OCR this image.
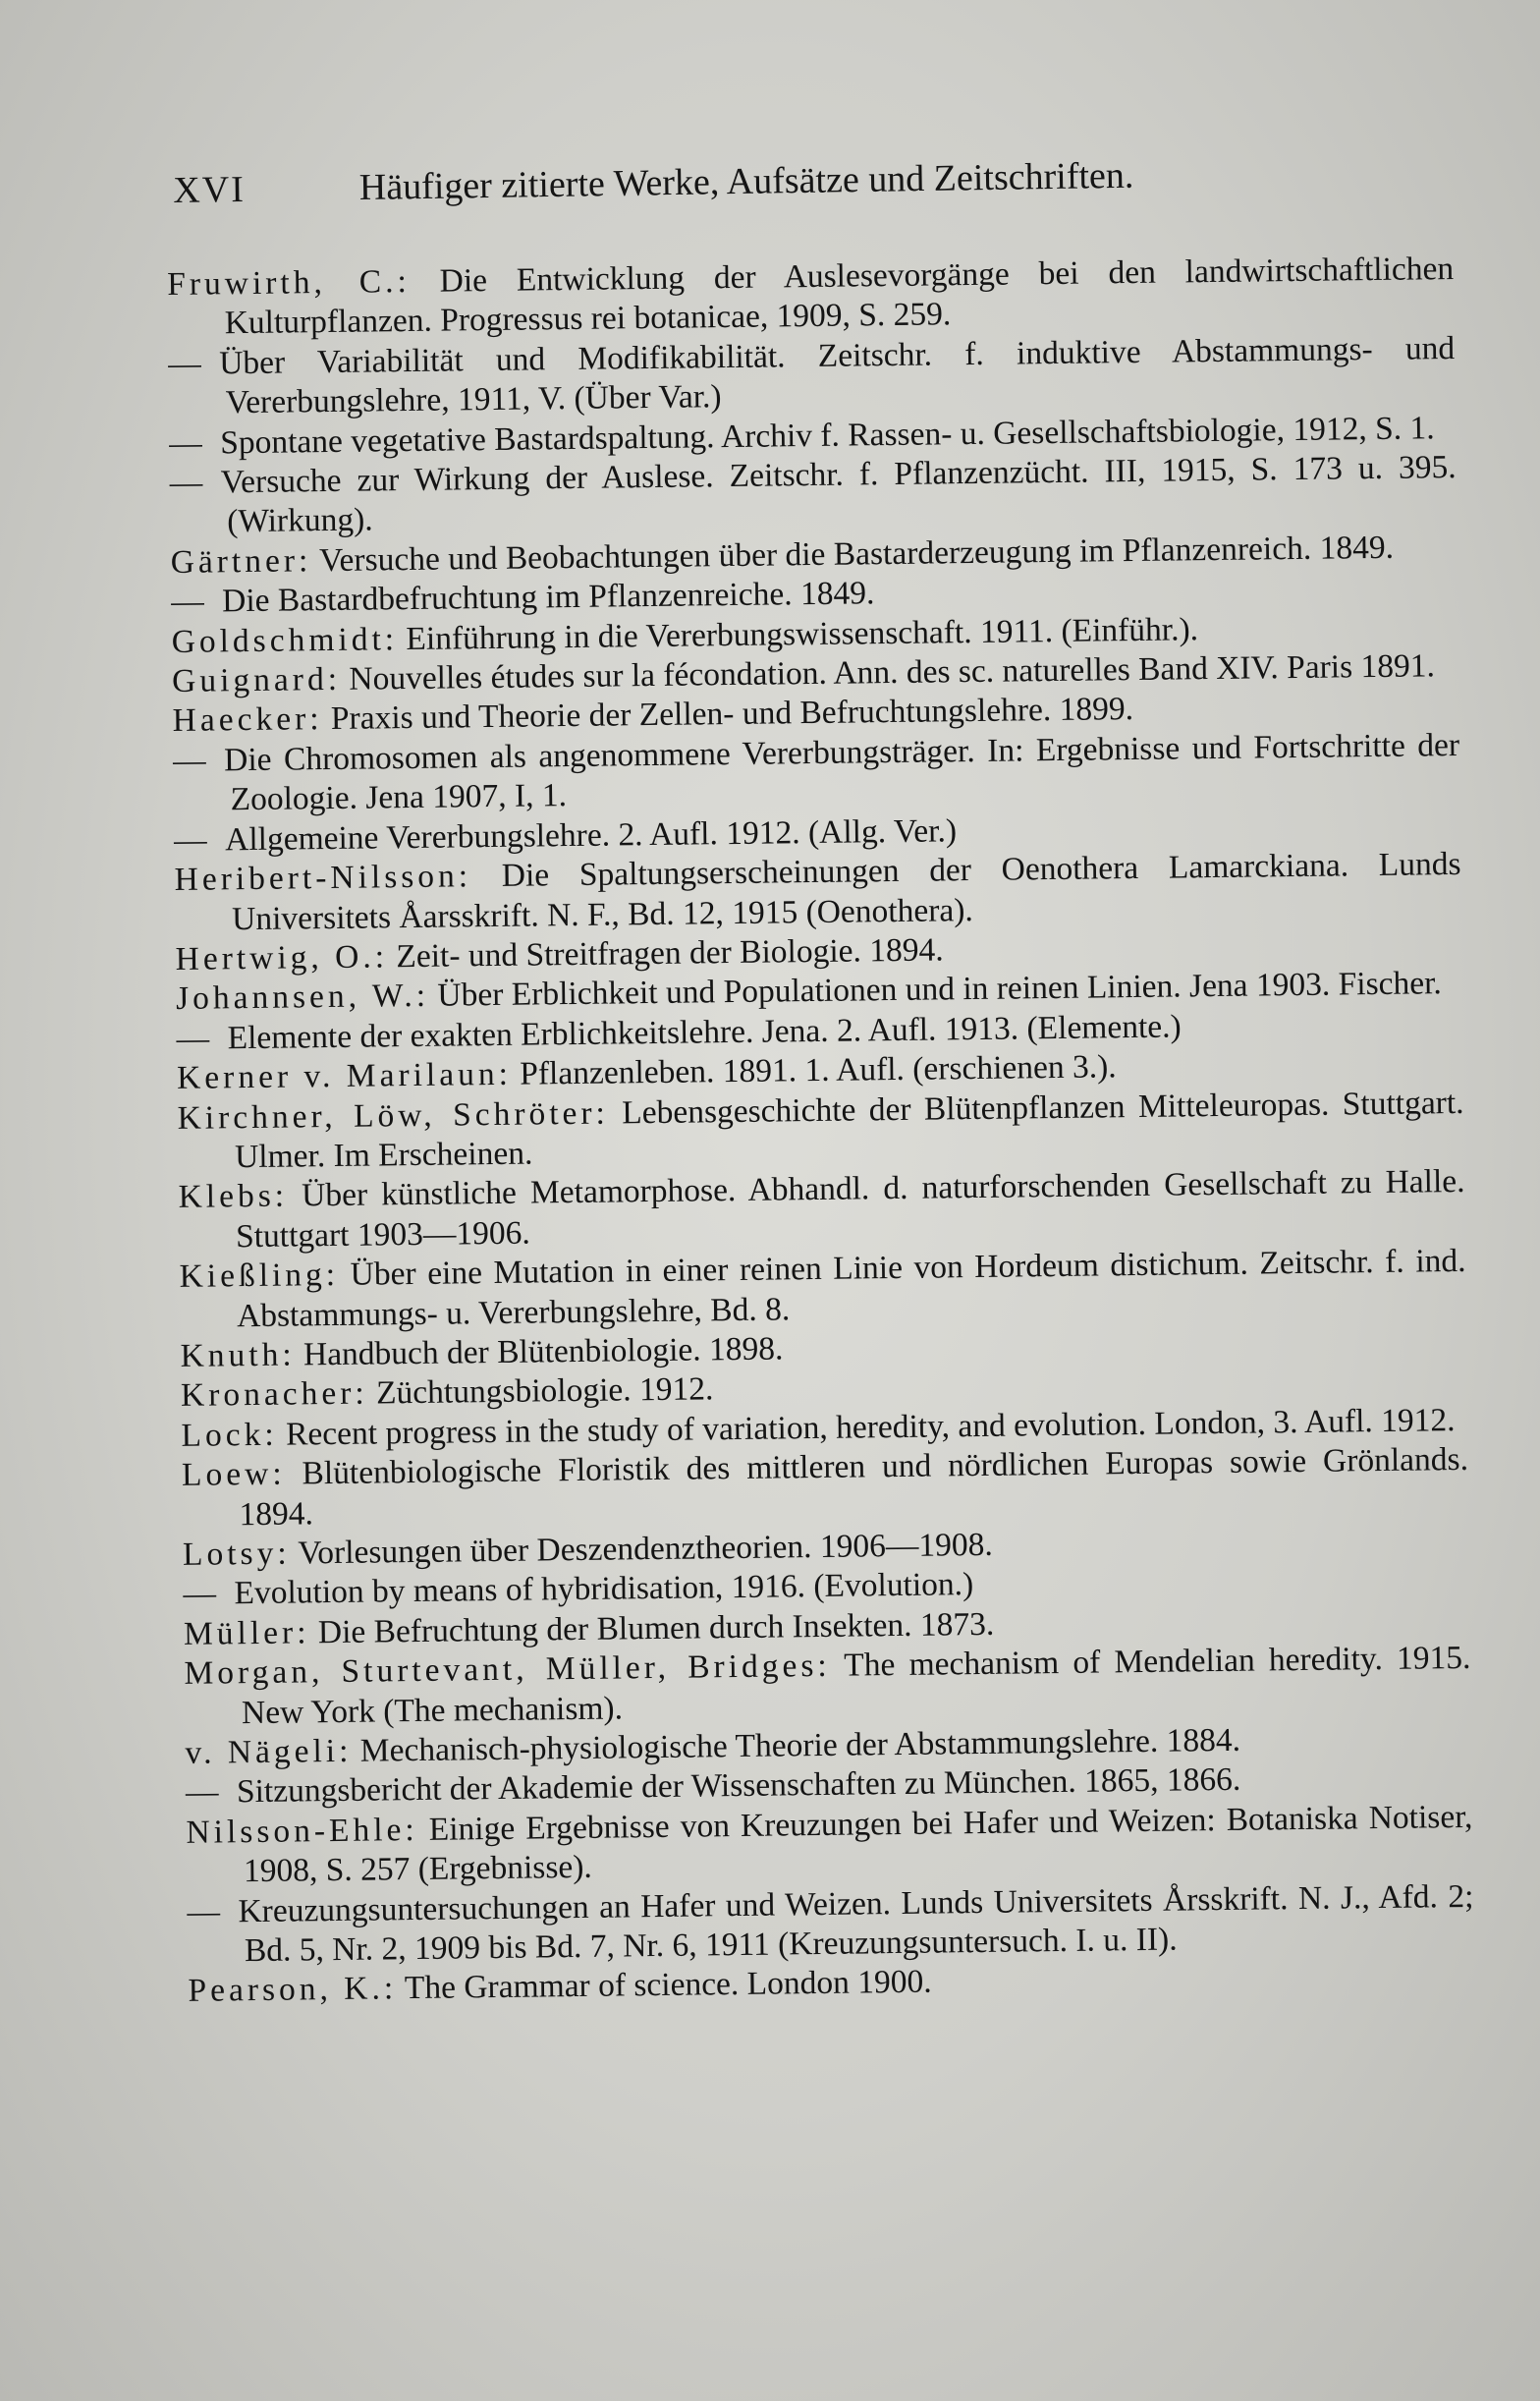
XVI	Häufiger zitierte Werke, Aufsätze und Zeitschriften.

Fruwirth, C.: Die Entwicklung der Auslesevorgänge bei den landwirtschaftlichen Kulturpflanzen. Progressus rei botanicae, 1909, S. 259.

— Über Variabilität und Modifikabilität. Zeitschr. f. induktive Abstammungs- und Vererbungslehre, 1911, V. (Über Var.)

— Spontane vegetative Bastardspaltung. Archiv f. Rassen- u. Gesellschaftsbiologie, 1912, S. 1.

— Versuche zur Wirkung der Auslese. Zeitschr. f. Pflanzenzücht. III, 1915, S. 173 u. 395. (Wirkung).

Gärtner: Versuche und Beobachtungen über die Bastarderzeugung im Pflanzenreich. 1849.

— Die Bastardbefruchtung im Pflanzenreiche. 1849.

Goldschmidt: Einführung in die Vererbungswissenschaft. 1911. (Einführ.).

Guignard: Nouvelles études sur la fécondation. Ann. des sc. naturelles Band XIV. Paris 1891.

Haecker: Praxis und Theorie der Zellen- und Befruchtungslehre. 1899.

— Die Chromosomen als angenommene Vererbungsträger. In: Ergebnisse und Fortschritte der Zoologie. Jena 1907, I, 1.

— Allgemeine Vererbungslehre. 2. Aufl. 1912. (Allg. Ver.)

Heribert-Nilsson: Die Spaltungserscheinungen der Oenothera Lamarckiana. Lunds Universitets Åarsskrift. N. F., Bd. 12, 1915 (Oenothera).

Hertwig, O.: Zeit- und Streitfragen der Biologie. 1894.

Johannsen, W.: Über Erblichkeit und Populationen und in reinen Linien. Jena 1903. Fischer.

— Elemente der exakten Erblichkeitslehre. Jena. 2. Aufl. 1913. (Elemente.)

Kerner v. Marilaun: Pflanzenleben. 1891. 1. Aufl. (erschienen 3.).

Kirchner, Löw, Schröter: Lebensgeschichte der Blütenpflanzen Mitteleuropas. Stuttgart. Ulmer. Im Erscheinen.

Klebs: Über künstliche Metamorphose. Abhandl. d. naturforschenden Gesellschaft zu Halle. Stuttgart 1903—1906.

Kießling: Über eine Mutation in einer reinen Linie von Hordeum distichum. Zeitschr. f. ind. Abstammungs- u. Vererbungslehre, Bd. 8.

Knuth: Handbuch der Blütenbiologie. 1898.

Kronacher: Züchtungsbiologie. 1912.

Lock: Recent progress in the study of variation, heredity, and evolution. London, 3. Aufl. 1912.

Loew: Blütenbiologische Floristik des mittleren und nördlichen Europas sowie Grönlands. 1894.

Lotsy: Vorlesungen über Deszendenztheorien. 1906—1908.

— Evolution by means of hybridisation, 1916. (Evolution.)

Müller: Die Befruchtung der Blumen durch Insekten. 1873.

Morgan, Sturtevant, Müller, Bridges: The mechanism of Mendelian heredity. 1915. New York (The mechanism).

v. Nägeli: Mechanisch-physiologische Theorie der Abstammungslehre. 1884.

— Sitzungsbericht der Akademie der Wissenschaften zu München. 1865, 1866.

Nilsson-Ehle: Einige Ergebnisse von Kreuzungen bei Hafer und Weizen: Botaniska Notiser, 1908, S. 257 (Ergebnisse).

— Kreuzungsuntersuchungen an Hafer und Weizen. Lunds Universitets Årsskrift. N. J., Afd. 2; Bd. 5, Nr. 2, 1909 bis Bd. 7, Nr. 6, 1911 (Kreuzungsuntersuch. I. u. II).

Pearson, K.: The Grammar of science. London 1900.
